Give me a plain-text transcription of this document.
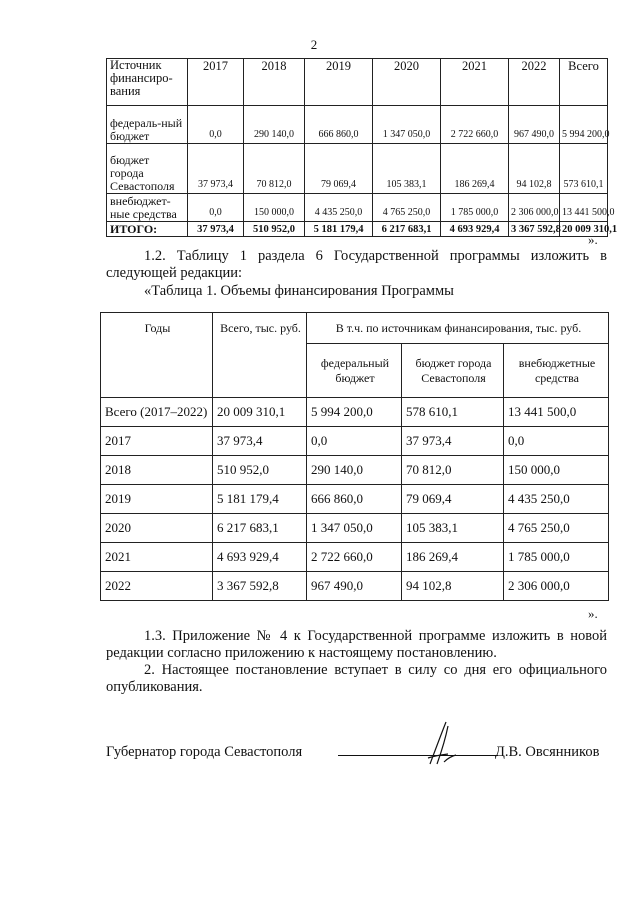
2
Источник финансиро-вания	2017	2018	2019	2020	2021	2022	Всего
федераль-ный бюджет	0,0	290 140,0	666 860,0	1 347 050,0	2 722 660,0	967 490,0	5 994 200,0
бюджет города Севастополя	37 973,4	70 812,0	79 069,4	105 383,1	186 269,4	94 102,8	573 610,1
внебюджет-ные средства	0,0	150 000,0	4 435 250,0	4 765 250,0	1 785 000,0	2 306 000,0	13 441 500,0
ИТОГО:	37 973,4	510 952,0	5 181 179,4	6 217 683,1	4 693 929,4	3 367 592,8	20 009 310,1
».
1.2. Таблицу 1 раздела 6 Государственной программы изложить в следующей редакции:
«Таблица 1. Объемы финансирования Программы
Годы	Всего, тыс. руб.	В т.ч. по источникам финансирования, тыс. руб.		
		федеральный бюджет	бюджет города Севастополя	внебюджетные средства
Всего (2017–2022)	20 009 310,1	5 994 200,0	578 610,1	13 441 500,0
2017	37 973,4	0,0	37 973,4	0,0
2018	510 952,0	290 140,0	70 812,0	150 000,0
2019	5 181 179,4	666 860,0	79 069,4	4 435 250,0
2020	6 217 683,1	1 347 050,0	105 383,1	4 765 250,0
2021	4 693 929,4	2 722 660,0	186 269,4	1 785 000,0
2022	3 367 592,8	967 490,0	94 102,8	2 306 000,0
».
1.3. Приложение № 4 к Государственной программе изложить в новой редакции согласно приложению к настоящему постановлению.
2. Настоящее постановление вступает в силу со дня его официального опубликования.
Губернатор города Севастополя	Д.В. Овсянников
